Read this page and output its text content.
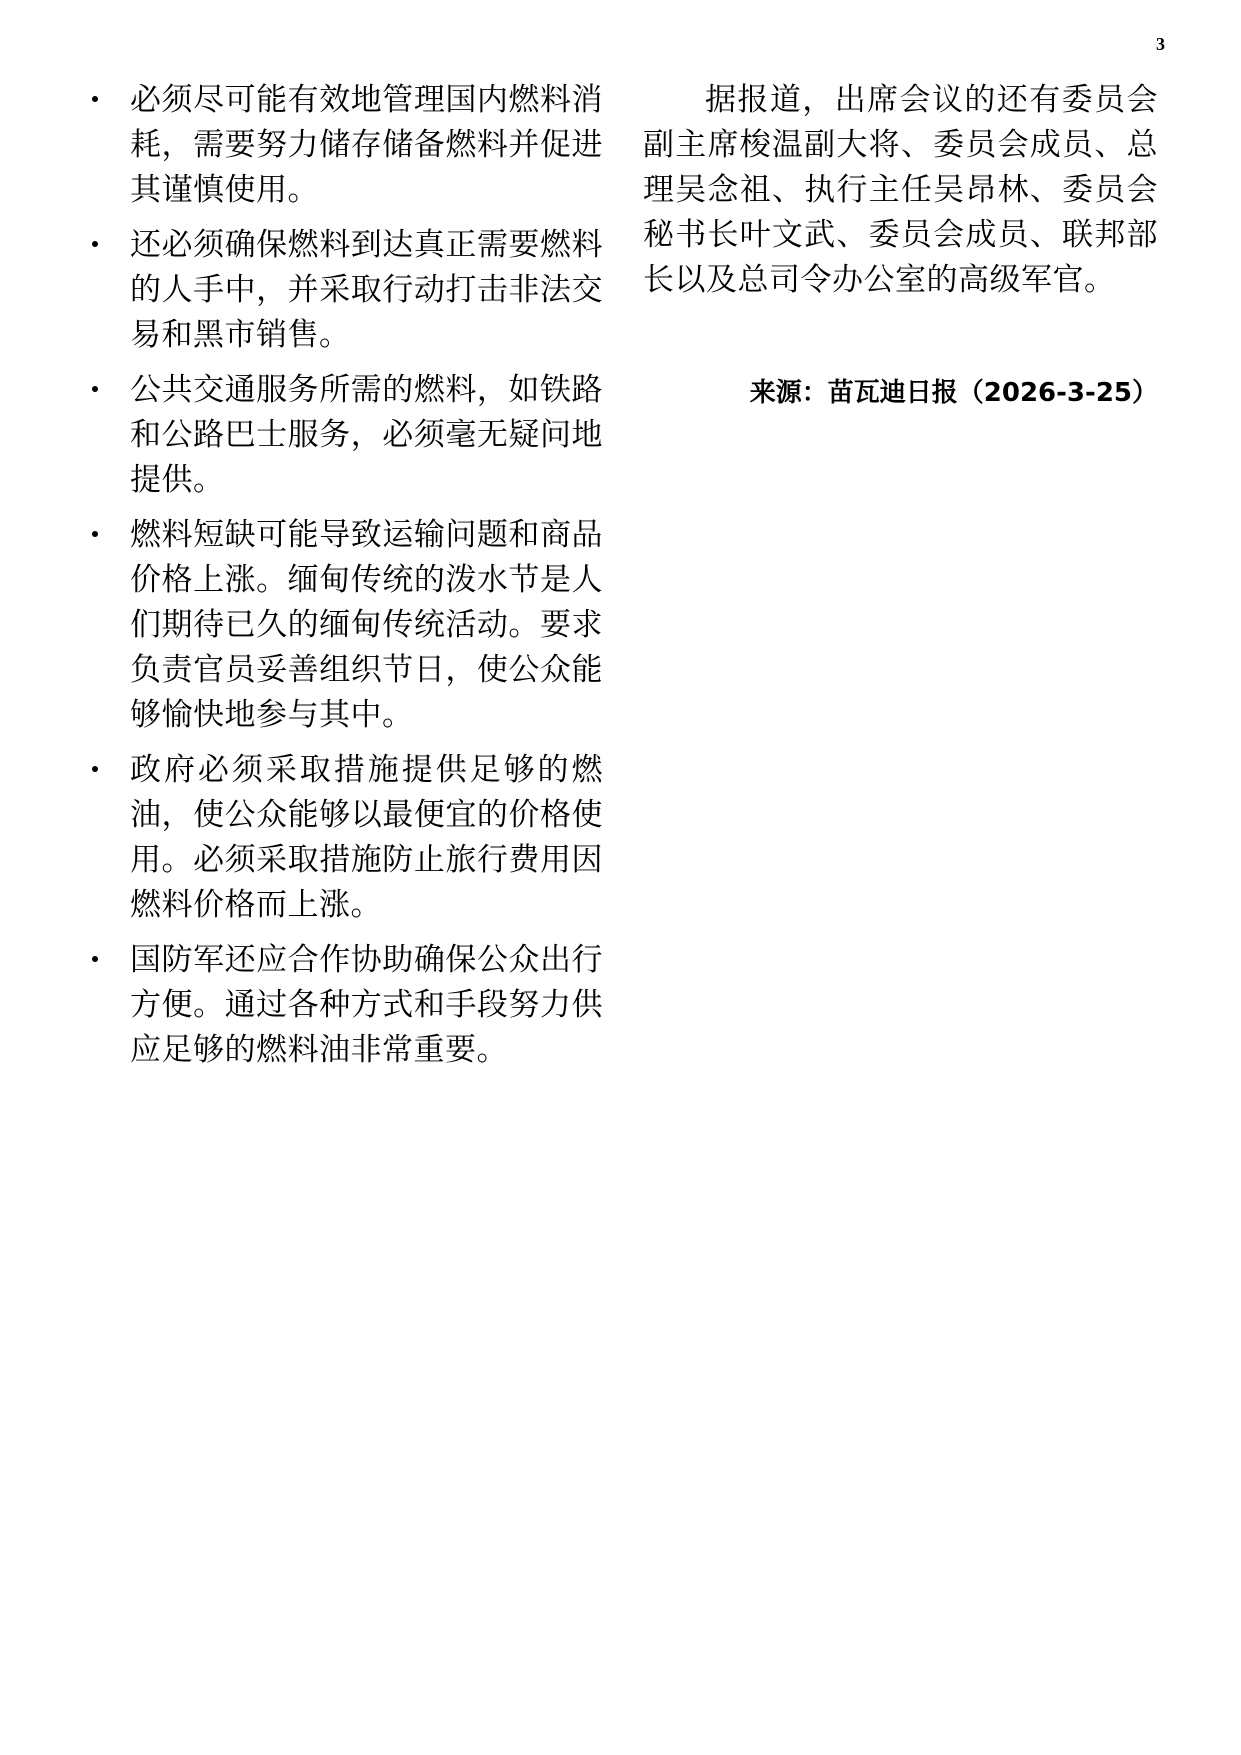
3
必须尽可能有效地管理国内燃料消耗，需要努力储存储备燃料并促进其谨慎使用。
还必须确保燃料到达真正需要燃料的人手中，并采取行动打击非法交易和黑市销售。
公共交通服务所需的燃料，如铁路和公路巴士服务，必须毫无疑问地提供。
燃料短缺可能导致运输问题和商品价格上涨。缅甸传统的泼水节是人们期待已久的缅甸传统活动。要求负责官员妥善组织节日，使公众能够愉快地参与其中。
政府必须采取措施提供足够的燃油，使公众能够以最便宜的价格使用。必须采取措施防止旅行费用因燃料价格而上涨。
国防军还应合作协助确保公众出行方便。通过各种方式和手段努力供应足够的燃料油非常重要。

据报道，出席会议的还有委员会副主席梭温副大将、委员会成员、总理吴念祖、执行主任吴昂林、委员会秘书长叶文武、委员会成员、联邦部长以及总司令办公室的高级军官。

来源：苗瓦迪日报（2026-3-25）
